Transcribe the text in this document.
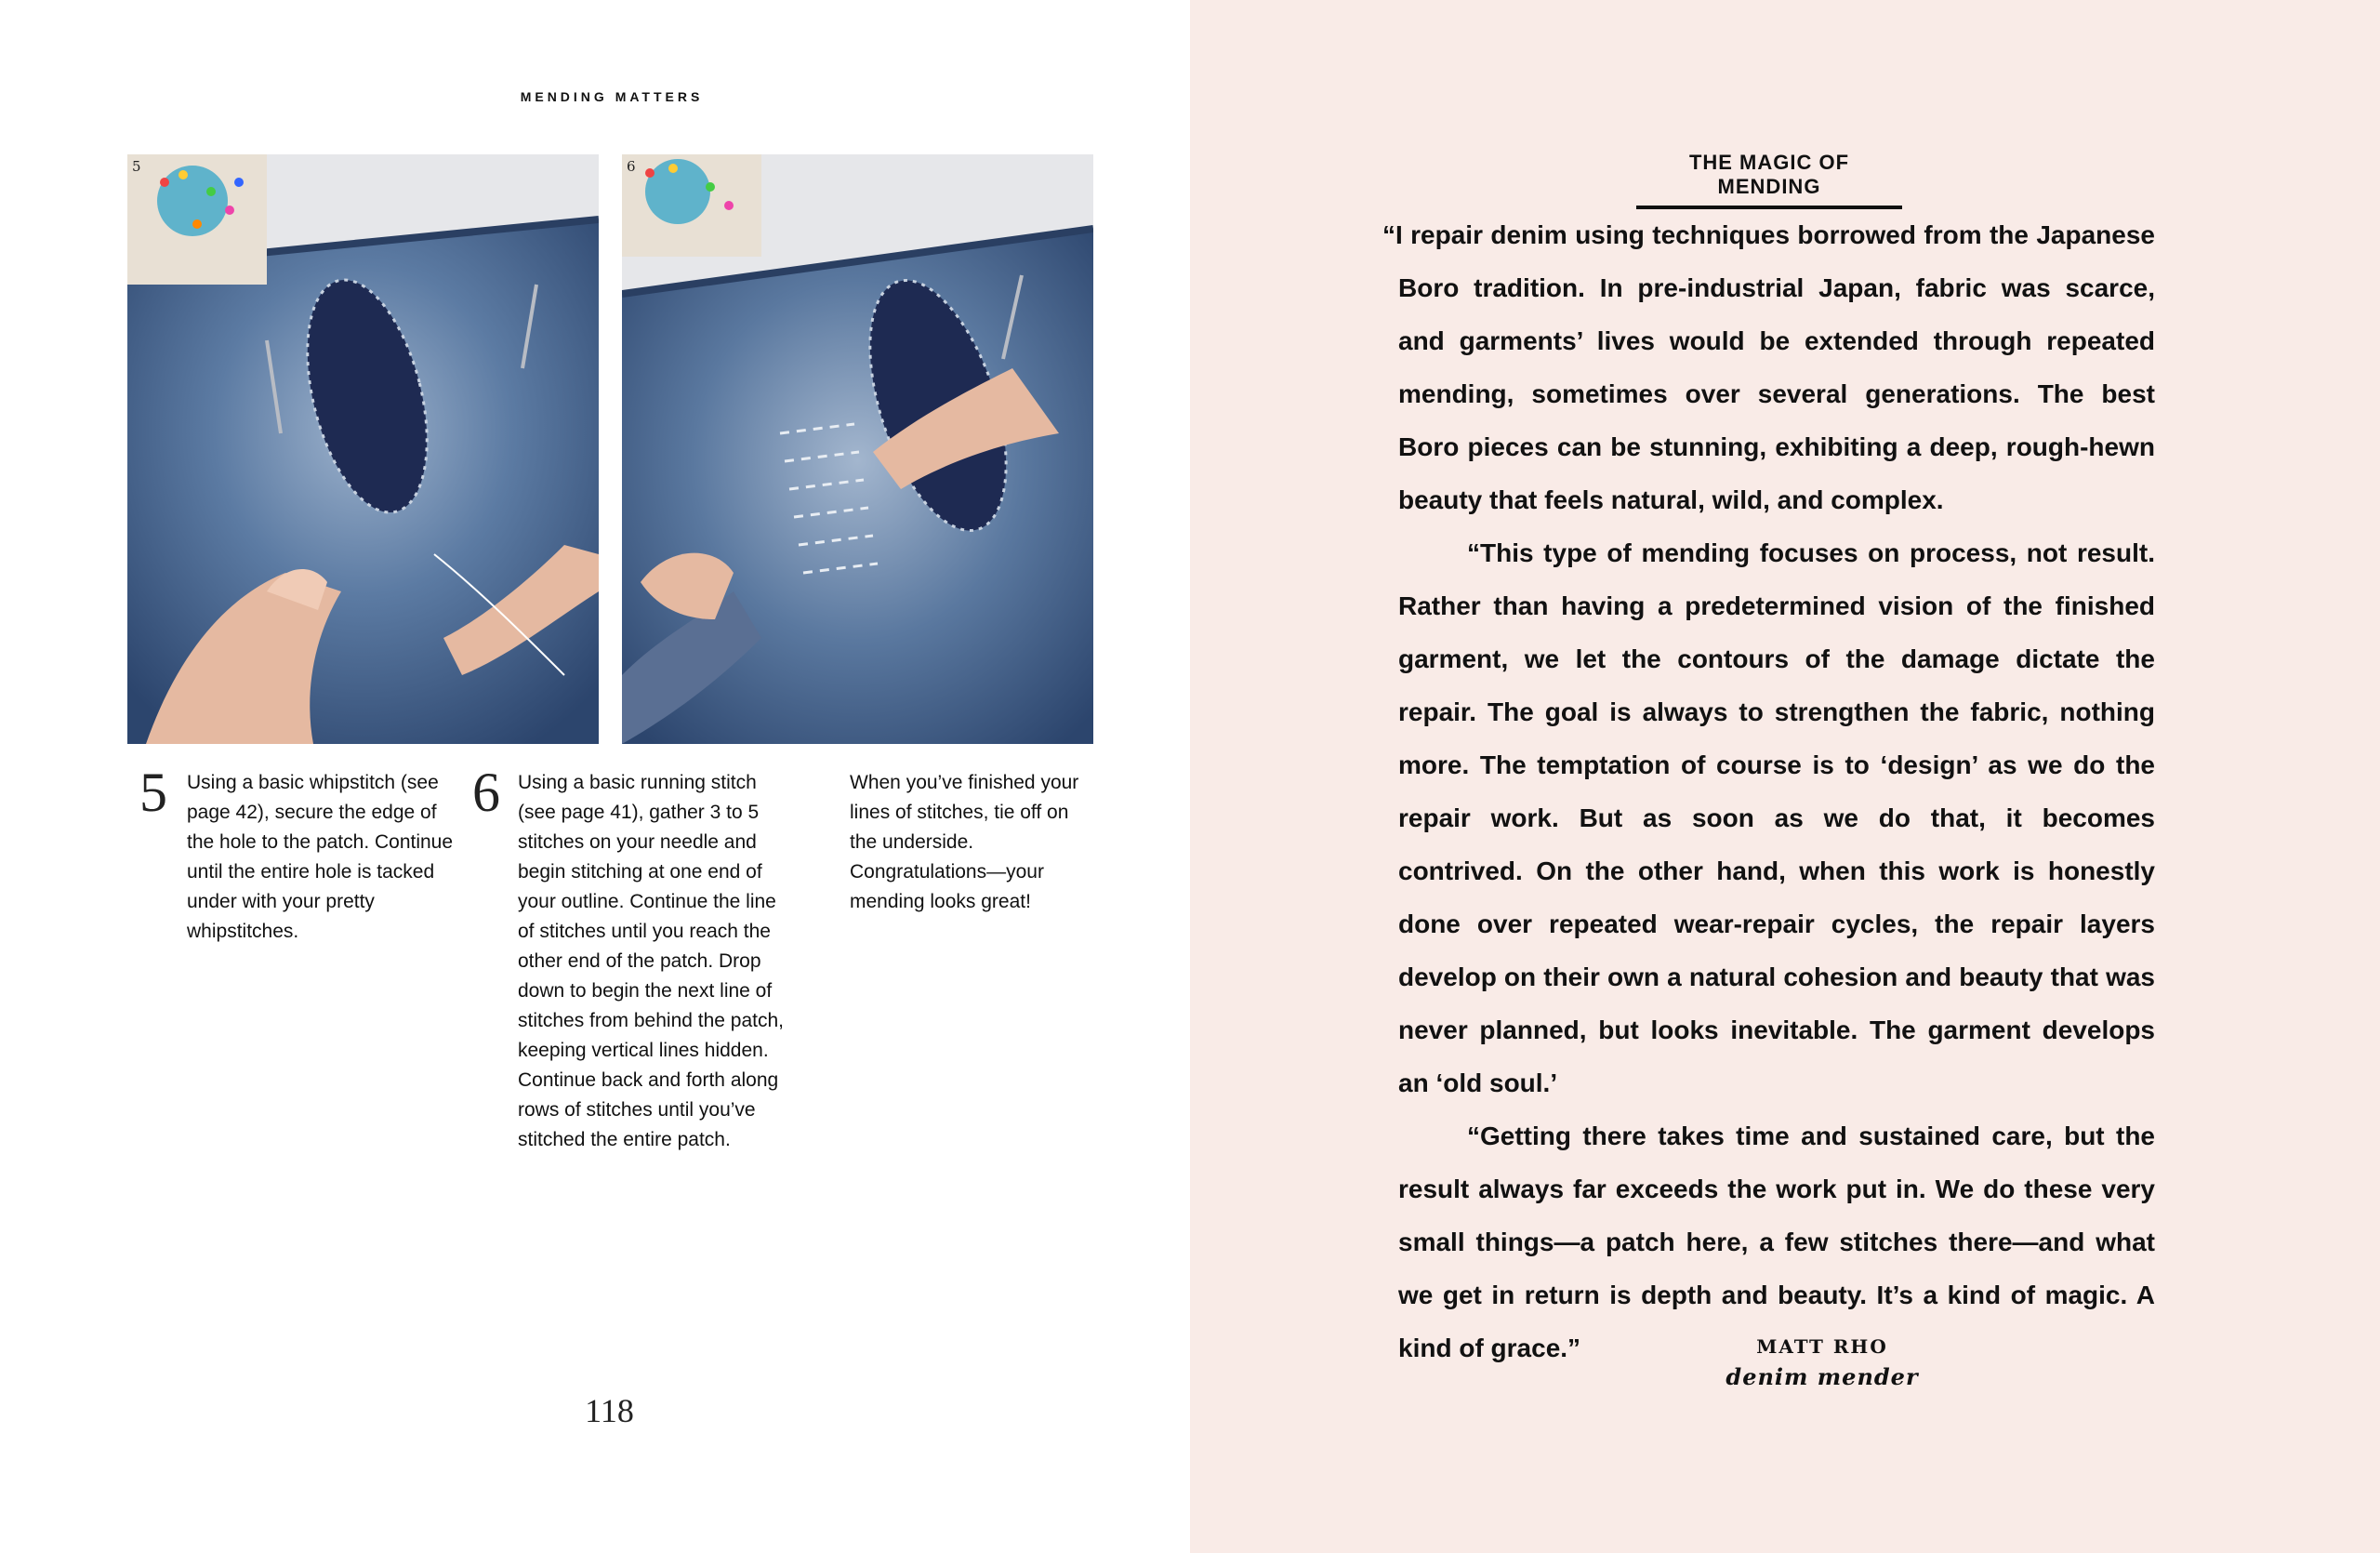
MENDING MATTERS
5	6
5 Using a basic whipstitch (see page 42), secure the edge of the hole to the patch. Continue until the entire hole is tacked under with your pretty whipstitches.
6 Using a basic running stitch (see page 41), gather 3 to 5 stitches on your needle and begin stitching at one end of your outline. Continue the line of stitches until you reach the other end of the patch. Drop down to begin the next line of stitches from behind the patch, keeping vertical lines hidden. Continue back and forth along rows of stitches until you’ve stitched the entire patch.
When you’ve finished your lines of stitches, tie off on the underside. Congratulations—your mending looks great!
118
THE MAGIC OF MENDING

“I repair denim using techniques borrowed from the Japanese Boro tradition. In pre-industrial Japan, fabric was scarce, and garments’ lives would be extended through repeated mending, sometimes over several generations. The best Boro pieces can be stunning, exhibiting a deep, rough-hewn beauty that feels natural, wild, and complex.

“This type of mending focuses on process, not result. Rather than having a predetermined vision of the finished garment, we let the contours of the damage dictate the repair. The goal is always to strengthen the fabric, nothing more. The temptation of course is to ‘design’ as we do the repair work. But as soon as we do that, it becomes contrived. On the other hand, when this work is honestly done over repeated wear-repair cycles, the repair layers develop on their own a natural cohesion and beauty that was never planned, but looks inevitable. The garment develops an ‘old soul.’

“Getting there takes time and sustained care, but the result always far exceeds the work put in. We do these very small things—a patch here, a few stitches there—and what we get in return is depth and beauty. It’s a kind of magic. A kind of grace.”	MATT RHO
denim mender
